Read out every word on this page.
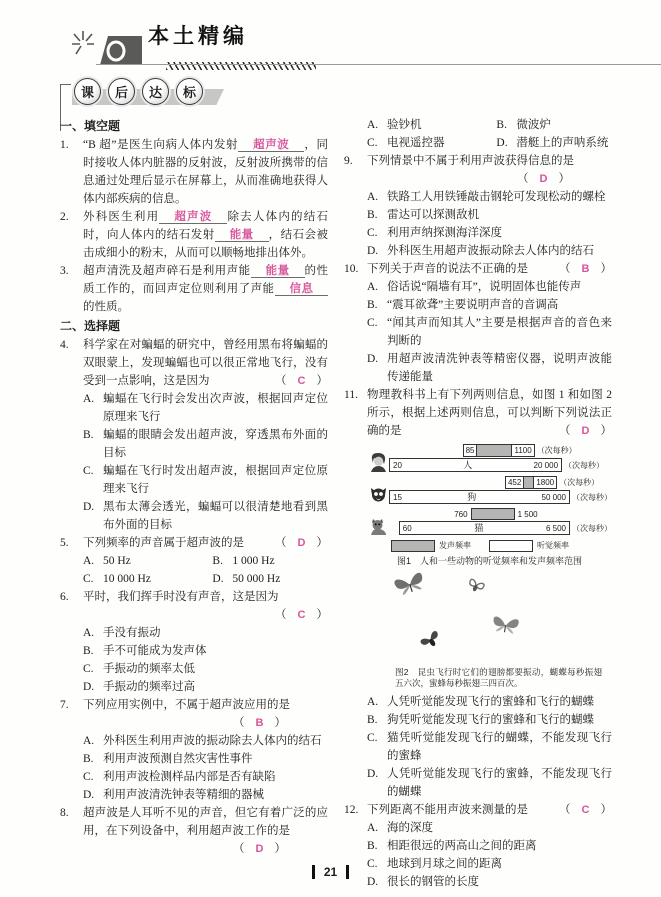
本土精编
课	后	达	标
一、填空题
1.	“B 超”是医生向病人体内发射 超声波 ，同时接收人体内脏器的反射波，反射波所携带的信息通过处理后显示在屏幕上，从而准确地获得人体内部疾病的信息。
2.	外科医生利用 超声波 除去人体内的结石时，向人体内的结石发射 能量 ，结石会被击成细小的粉末，从而可以顺畅地排出体外。
3.	超声清洗及超声碎石是利用声能 能量 的性质工作的，而回声定位则利用了声能 信息的性质。
二、选择题
4.	科学家在对蝙蝠的研究中，曾经用黑布将蝙蝠的双眼蒙上，发现蝙蝠也可以很正常地飞行，没有受到一点影响，这是因为	（ C ）
A. 蝙蝠在飞行时会发出次声波，根据回声定位原理来飞行
B. 蝙蝠的眼睛会发出超声波，穿透黑布外面的目标
C. 蝙蝠在飞行时发出超声波，根据回声定位原理来飞行
D. 黑布太薄会透光，蝙蝠可以很清楚地看到黑布外面的目标
5.	下列频率的声音属于超声波的是	（ D ）
A. 50 Hz	B. 1 000 Hz
C. 10 000 Hz	D. 50 000 Hz
6.	平时，我们挥手时没有声音，这是因为
（ C ）
A. 手没有振动
B. 手不可能成为发声体
C. 手振动的频率太低
D. 手振动的频率过高
7.	下列应用实例中，不属于超声波应用的是
（ B ）
A. 外科医生利用声波的振动除去人体内的结石
B. 利用声波预测自然灾害性事件
C. 利用声波检测样品内部是否有缺陷
D. 利用声波清洗钟表等精细的器械
8.	超声波是人耳听不见的声音，但它有着广泛的应用，在下列设备中，利用超声波工作的是
（ D ）
A. 验钞机	B. 微波炉
C. 电视遥控器	D. 潜艇上的声呐系统
9.	下列情景中不属于利用声波获得信息的是
（ D ）
A. 铁路工人用铁锤敲击钢轮可发现松动的螺栓
B. 雷达可以探测敌机
C. 利用声纳探测海洋深度
D. 外科医生用超声波振动除去人体内的结石
10. 下列关于声音的说法不正确的是	（ B ）
A. 俗话说“隔墙有耳”，说明固体也能传声
B. “震耳欲聋”主要说明声音的音调高
C. “闻其声而知其人”主要是根据声音的音色来判断的
D. 用超声波清洗钟表等精密仪器，说明声波能传递能量
11. 物理教科书上有下列两则信息，如图 1 和如图 2 所示，根据上述两则信息，可以判断下列说法正确的是	（ D ）
85	1100 （次每秒）
20	人	20 000 （次每秒）
452	1800 （次每秒）
15	狗	50 000 （次每秒）
760	1 500
60	猫	6 500 （次每秒）
发声频率	听觉频率
图1　人和一些动物的听觉频率和发声频率范围
图2　昆虫飞行时它们的翅膀都要振动，蝴蝶每秒振翅五六次，蜜蜂每秒振翅三四百次。
A. 人凭听觉能发现飞行的蜜蜂和飞行的蝴蝶
B. 狗凭听觉能发现飞行的蜜蜂和飞行的蝴蝶
C. 猫凭听觉能发现飞行的蝴蝶，不能发现飞行的蜜蜂
D. 人凭听觉能发现飞行的蜜蜂，不能发现飞行的蝴蝶
12. 下列距离不能用声波来测量的是	（ C ）
A. 海的深度
B. 相距很远的两高山之间的距离
C. 地球到月球之间的距离
D. 很长的钢管的长度
21
